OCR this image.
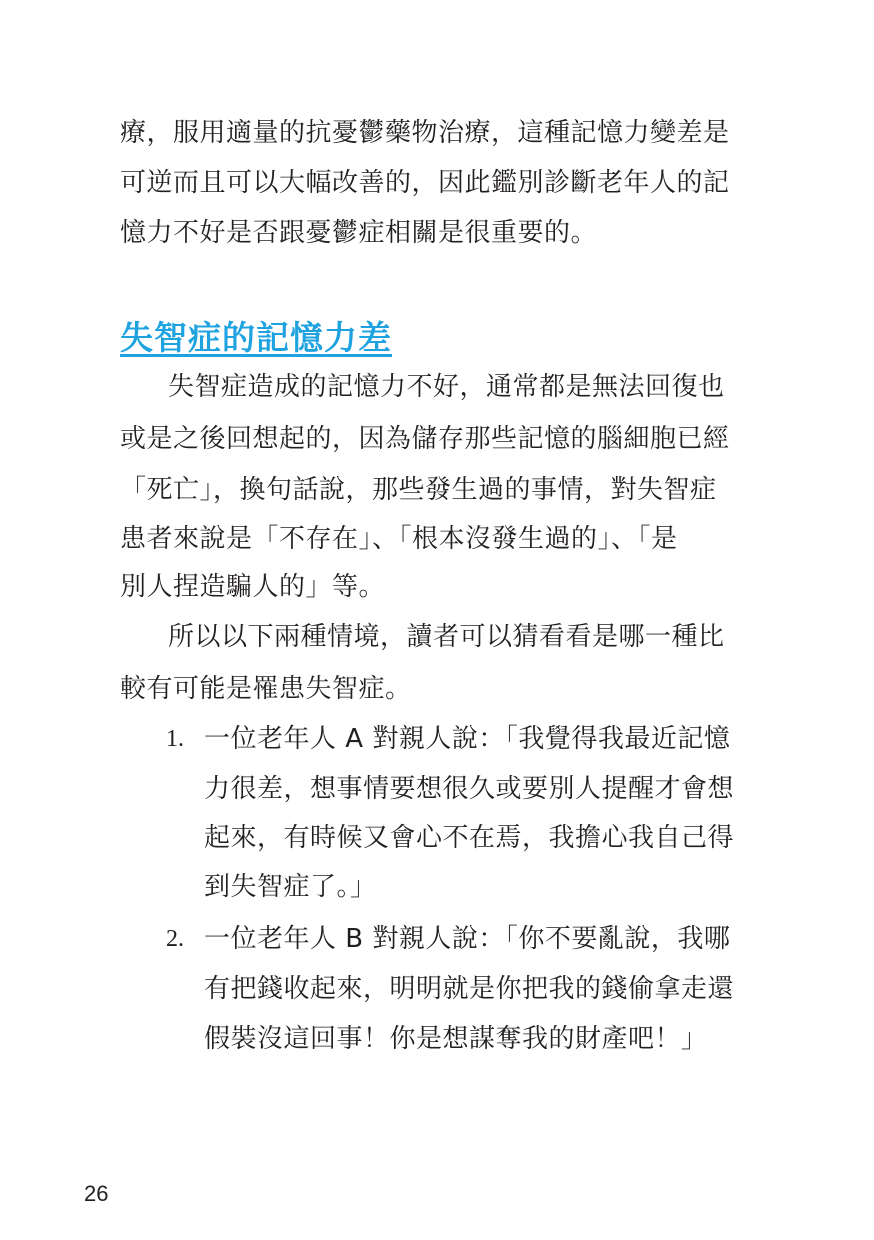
療，服用適量的抗憂鬱藥物治療，這種記憶力變差是
可逆而且可以大幅改善的，因此鑑別診斷老年人的記
憶力不好是否跟憂鬱症相關是很重要的。
失智症的記憶力差
失智症造成的記憶力不好，通常都是無法回復也
或是之後回想起的，因為儲存那些記憶的腦細胞已經
「死亡」，換句話說，那些發生過的事情，對失智症
患者來說是「不存在」、「根本沒發生過的」、「是
別人捏造騙人的」等。
所以以下兩種情境，讀者可以猜看看是哪一種比
較有可能是罹患失智症。
1. 一位老年人 A 對親人說：「我覺得我最近記憶
力很差，想事情要想很久或要別人提醒才會想
起來，有時候又會心不在焉，我擔心我自己得
到失智症了。」
2. 一位老年人 B 對親人說：「你不要亂說，我哪
有把錢收起來，明明就是你把我的錢偷拿走還
假裝沒這回事！你是想謀奪我的財產吧！」
26
